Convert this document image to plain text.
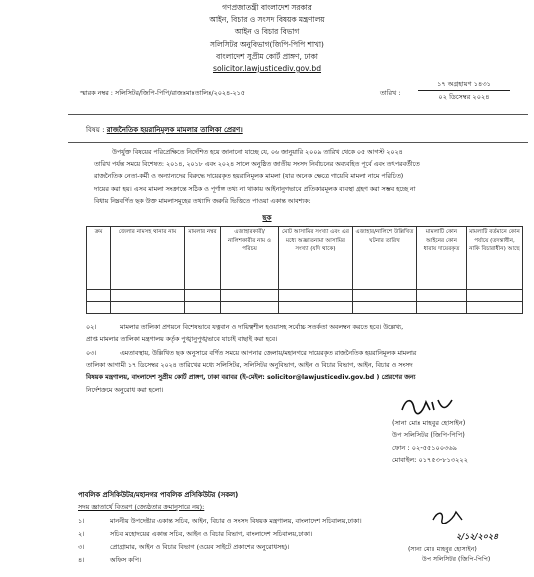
গণপ্রজাতন্ত্রী বাংলাদেশ সরকার
আইন, বিচার ও সংসদ বিষয়ক মন্ত্রণালয়
আইন ও বিচার বিভাগ
সলিসিটর অনুবিভাগ(জিপি-পিপি শাখা)
বাংলাদেশ সুপ্রীম কোর্ট প্রাঙ্গণ, ঢাকা
solicitor.lawjusticediv.gov.bd
স্মারক নম্বর : সলিসিটর/জিপি-পিপি/রাজঃমাঃতালিঃ/২০২৪-২১৫	তারিখ :
১৭ অগ্রহায়ণ ১৪৩১
০২ ডিসেম্বর ২০২৪
বিষয় : রাজনৈতিক হয়রানিমূলক মামলার তালিকা প্রেরণ।
উপর্যুক্ত বিষয়ের পরিপ্রেক্ষিতে নির্দেশিত হয়ে জানানো যাচ্ছে যে, ০৬ জানুয়ারি ২০০৯ তারিখ থেকে ০৫ আগস্ট ২০২৪
তারিখ পর্যন্ত সময়ে বিশেষত: ২০১৪, ২০১৮ এবং ২০২৪ সালে অনুষ্ঠিত জাতীয় সংসদ নির্বাচনের অব্যবহিত পূর্বে এবং তৎপরবর্তীতে
রাজনৈতিক নেতা-কর্মী ও অন্যান্যদের বিরুদ্ধে দায়েরকৃত হয়রানিমূলক মামলা (যার অনেক ক্ষেত্রে গায়েবি মামলা নামে পরিচিত)
দায়ের করা হয়। এসব মামলা সংক্রান্তে সঠিক ও পূর্ণাঙ্গ তথ্য না থাকায় আইনানুগভাবে প্রতিকারমূলক ব্যবস্থা গ্রহণ করা সম্ভব হচ্ছে না
বিধায় নিম্নবর্ণিত ছক উক্ত মামলাসমূহের তথ্যাদি জরুরি ভিত্তিতে পাওয়া একান্ত আবশ্যক:
ছক
ক্রম	জেলার নামসহ থানার নাম	মামলার নম্বর	এজাহারকারী/ নালিশকারীর নাম ও পরিচয়	মোট আসামির সংখ্যা এবং এর মধ্যে অজ্ঞাতনামা আসামির সংখ্যা (যদি থাকে)	এজাহার/নালিশে উল্লিখিত ঘটনার তারিখ	মামলাটি কোন আইনের কোন ধারায় দায়েরকৃত	মামলাটি বর্তমানে কোন পর্যায়ে (তদন্তাধীন, নাকি বিচারাধীন) আছে

০২।	মামলার তালিকা প্রণয়নে বিশেষভাবে যত্নবান ও দায়িত্বশীল হওয়াসহ সর্বোচ্চ সতর্কতা অবলম্বন করতে হবে। উল্লেখ্য,
প্রাপ্ত মামলার তালিকা মন্ত্রণালয় কর্তৃক পুঙ্খানুপুঙ্খভাবে যাচাই বাছাই করা হবে।
০৩।	এমতাবস্থায়, উল্লিখিত ছক অনুসারে বর্ণিত সময়ে আপনার জেলায়/মহানগরে দায়েরকৃত রাজনৈতিক হয়রানিমূলক মামলার
তালিকা আগামী ১৭ ডিসেম্বর ২০২৪ তারিখের মধ্যে সলিসিটর, সলিসিটর অনুবিভাগ, আইন ও বিচার বিভাগ, আইন, বিচার ও সংসদ
বিষয়ক মন্ত্রণালয়, বাংলাদেশ সুপ্রীম কোর্ট প্রাঙ্গণ, ঢাকা বরাবর (ই-মেইল: solicitor@lawjusticediv.gov.bd ) প্রেরণের জন্য
নির্দেশক্রমে অনুরোধ করা হলো।
(সানা মোঃ মাহবুর হোসাইন)
উপ সলিসিটর (জিপি-পিপি)
ফোন : ০২-৫৫১০০৩৬৯
মোবাইল: ০১৭৫৩-৮১৩২২২
পাবলিক প্রসিকিউটর/মহানগর পাবলিক প্রসিকিউটর (সকল)
সদয় জ্ঞাতার্থে বিতরণ (জ্যেষ্ঠতার ক্রমানুসারে নয়):
১।	মাননীয় উপদেষ্টার একান্ত সচিব, আইন, বিচার ও সংসদ বিষয়ক মন্ত্রণালয়, বাংলাদেশ সচিবালয়,ঢাকা।
২।	সচিব মহোদয়ের একান্ত সচিব, আইন ও বিচার বিভাগ, বাংলাদেশ সচিবালয়,ঢাকা।
৩।	প্রোগ্রামার, আইন ও বিচার বিভাগ (ওয়েব সাইটে প্রকাশের অনুরোধসহ)।
৪।	অফিস কপি।
২/১২/২০২৪
(সানা মোঃ মাহবুর হোসাইন)
উপ সলিসিটর (জিপি-পিপি)
